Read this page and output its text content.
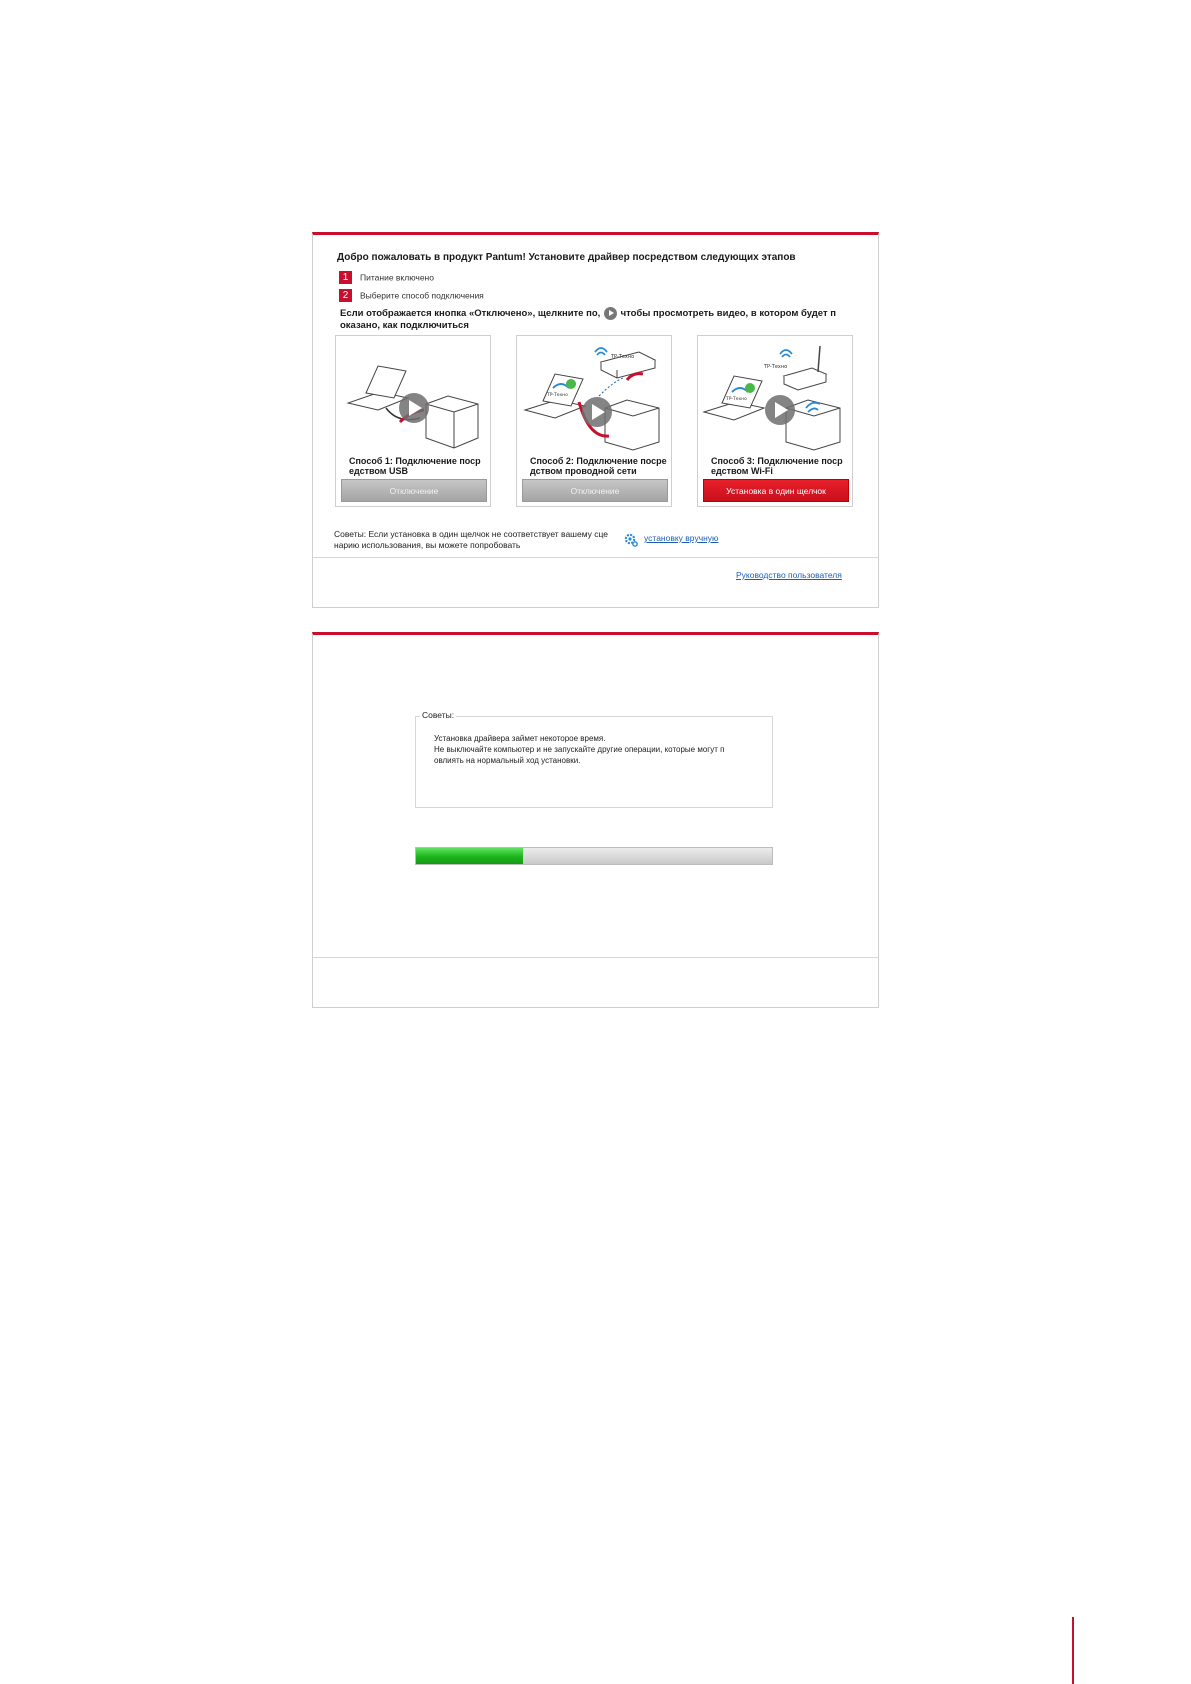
Добро пожаловать в продукт Pantum! Установите драйвер посредством следующих этапов
1 Питание включено
2 Выберите способ подключения
Если отображается кнопка «Отключено», щелкните по, чтобы просмотреть видео, в котором будет п оказано, как подключиться
Способ 1: Подключение поср едством USB
Отключение
TP-Техно
TP-Техно
Способ 2: Подключение посре дством проводной сети
Отключение
TP-Техно
TP-Техно
Способ 3: Подключение поср едством Wi-Fi
Установка в один щелчок
Советы: Если установка в один щелчок не соответствует вашему сце нарию использования, вы можете попробовать
установку вручную
Руководство пользователя
Советы:
Установка драйвера займет некоторое время.
Не выключайте компьютер и не запускайте другие операции, которые могут п
овлиять на нормальный ход установки.
